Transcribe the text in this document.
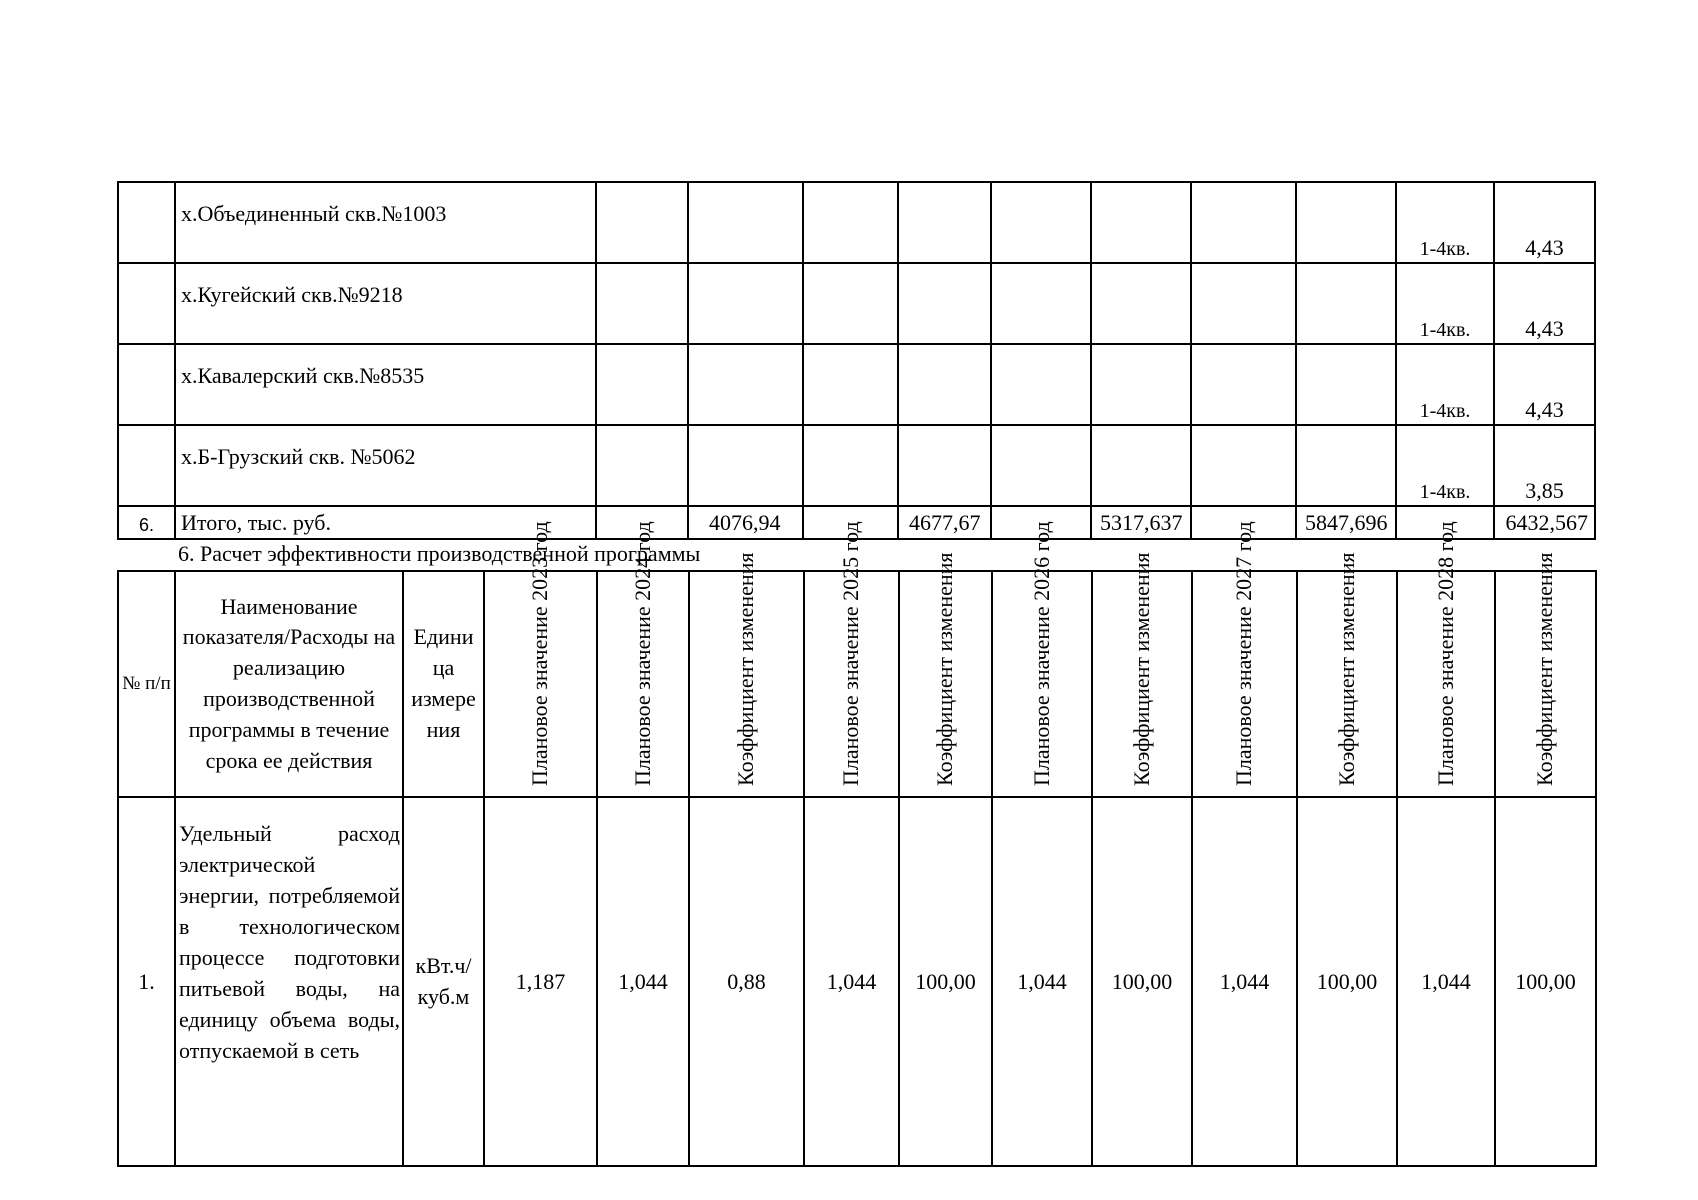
	х.Объединенный скв.№1003									1-4кв.	4,43
	х.Кугейский скв.№9218									1-4кв.	4,43
	х.Кавалерский скв.№8535									1-4кв.	4,43
	х.Б-Грузский скв. №5062									1-4кв.	3,85
6.	Итого, тыс. руб.		4076,94		4677,67		5317,637		5847,696		6432,567
6. Расчет эффективности производственной программы
№ п/п	Наименование показателя/Расходы на реализацию производственной программы в течение срока ее действия	Едини ца измере ния	Плановое значение 2023 год	Плановое значение 2024 год	Коэффициент изменения	Плановое значение 2025 год	Коэффициент изменения	Плановое значение 2026 год	Коэффициент изменения	Плановое значение 2027 год	Коэффициент изменения	Плановое значение 2028 год	Коэффициент изменения
1.	Удельный расход электрической энергии, потребляемой в технологическом процессе подготовки питьевой воды, на единицу объема воды, отпускаемой в сеть	кВт.ч/ куб.м	1,187	1,044	0,88	1,044	100,00	1,044	100,00	1,044	100,00	1,044	100,00
